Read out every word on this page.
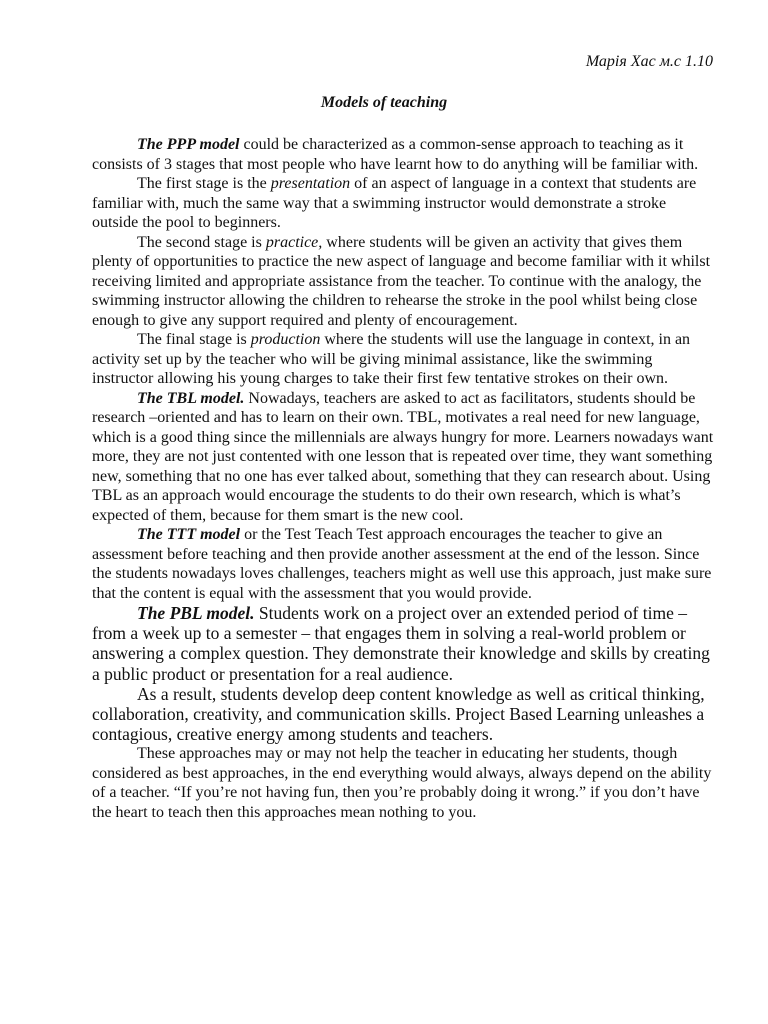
Марія Хас м.с 1.10
Models of teaching

The PPP model could be characterized as a common-sense approach to teaching as it consists of 3 stages that most people who have learnt how to do anything will be familiar with.

The first stage is the presentation of an aspect of language in a context that students are familiar with, much the same way that a swimming instructor would demonstrate a stroke outside the pool to beginners.

The second stage is practice, where students will be given an activity that gives them plenty of opportunities to practice the new aspect of language and become familiar with it whilst receiving limited and appropriate assistance from the teacher. To continue with the analogy, the swimming instructor allowing the children to rehearse the stroke in the pool whilst being close enough to give any support required and plenty of encouragement.

The final stage is production where the students will use the language in context, in an activity set up by the teacher who will be giving minimal assistance, like the swimming instructor allowing his young charges to take their first few tentative strokes on their own.

The TBL model. Nowadays, teachers are asked to act as facilitators, students should be research –oriented and has to learn on their own. TBL, motivates a real need for new language, which is a good thing since the millennials are always hungry for more. Learners nowadays want more, they are not just contented with one lesson that is repeated over time, they want something new, something that no one has ever talked about, something that they can research about. Using TBL as an approach would encourage the students to do their own research, which is what’s expected of them, because for them smart is the new cool.

The TTT model or the Test Teach Test approach encourages the teacher to give an assessment before teaching and then provide another assessment at the end of the lesson. Since the students nowadays loves challenges, teachers might as well use this approach, just make sure that the content is equal with the assessment that you would provide.

The PBL model. Students work on a project over an extended period of time – from a week up to a semester – that engages them in solving a real-world problem or answering a complex question. They demonstrate their knowledge and skills by creating a public product or presentation for a real audience.

As a result, students develop deep content knowledge as well as critical thinking, collaboration, creativity, and communication skills. Project Based Learning unleashes a contagious, creative energy among students and teachers.

These approaches may or may not help the teacher in educating her students, though considered as best approaches, in the end everything would always, always depend on the ability of a teacher. “If you’re not having fun, then you’re probably doing it wrong.” if you don’t have the heart to teach then this approaches mean nothing to you.
